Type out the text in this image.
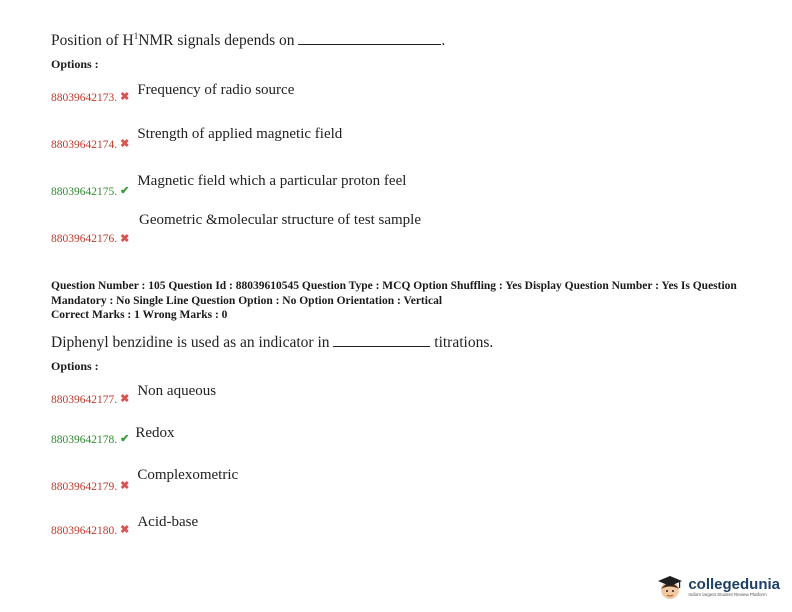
Position of $H^1NMR$ signals depends on	.
Options :
$_{88039642173.}$ $_✖$ Frequency of radio source
$_{88039642174.}$ $_✖$ Strength of applied magnetic field
$_{88039642175.}$ $_✔$ Magnetic field which a particular proton feel
Geometric &molecular structure of test sample
88039642176. ✖
Question Number : 105 Question Id : 88039610545 Question Type : MCQ Option Shuffling : Yes Display Question Number : Yes Is Question Mandatory : No Single Line Question Option : No Option Orientation : Vertical
Correct Marks : 1 Wrong Marks : 0
Diphenyl benzidine is used as an indicator in	titrations.
Options :
$_{88039642177.}$ $_✖$ Non aqueous
$_{88039642178.}$ $_✔$ Redox
$_{88039642179.}$ $_✖$ Complexometric
$_{88039642180.}$ $_✖$ Acid-base
collegedunia
India's largest Student Review Platform
